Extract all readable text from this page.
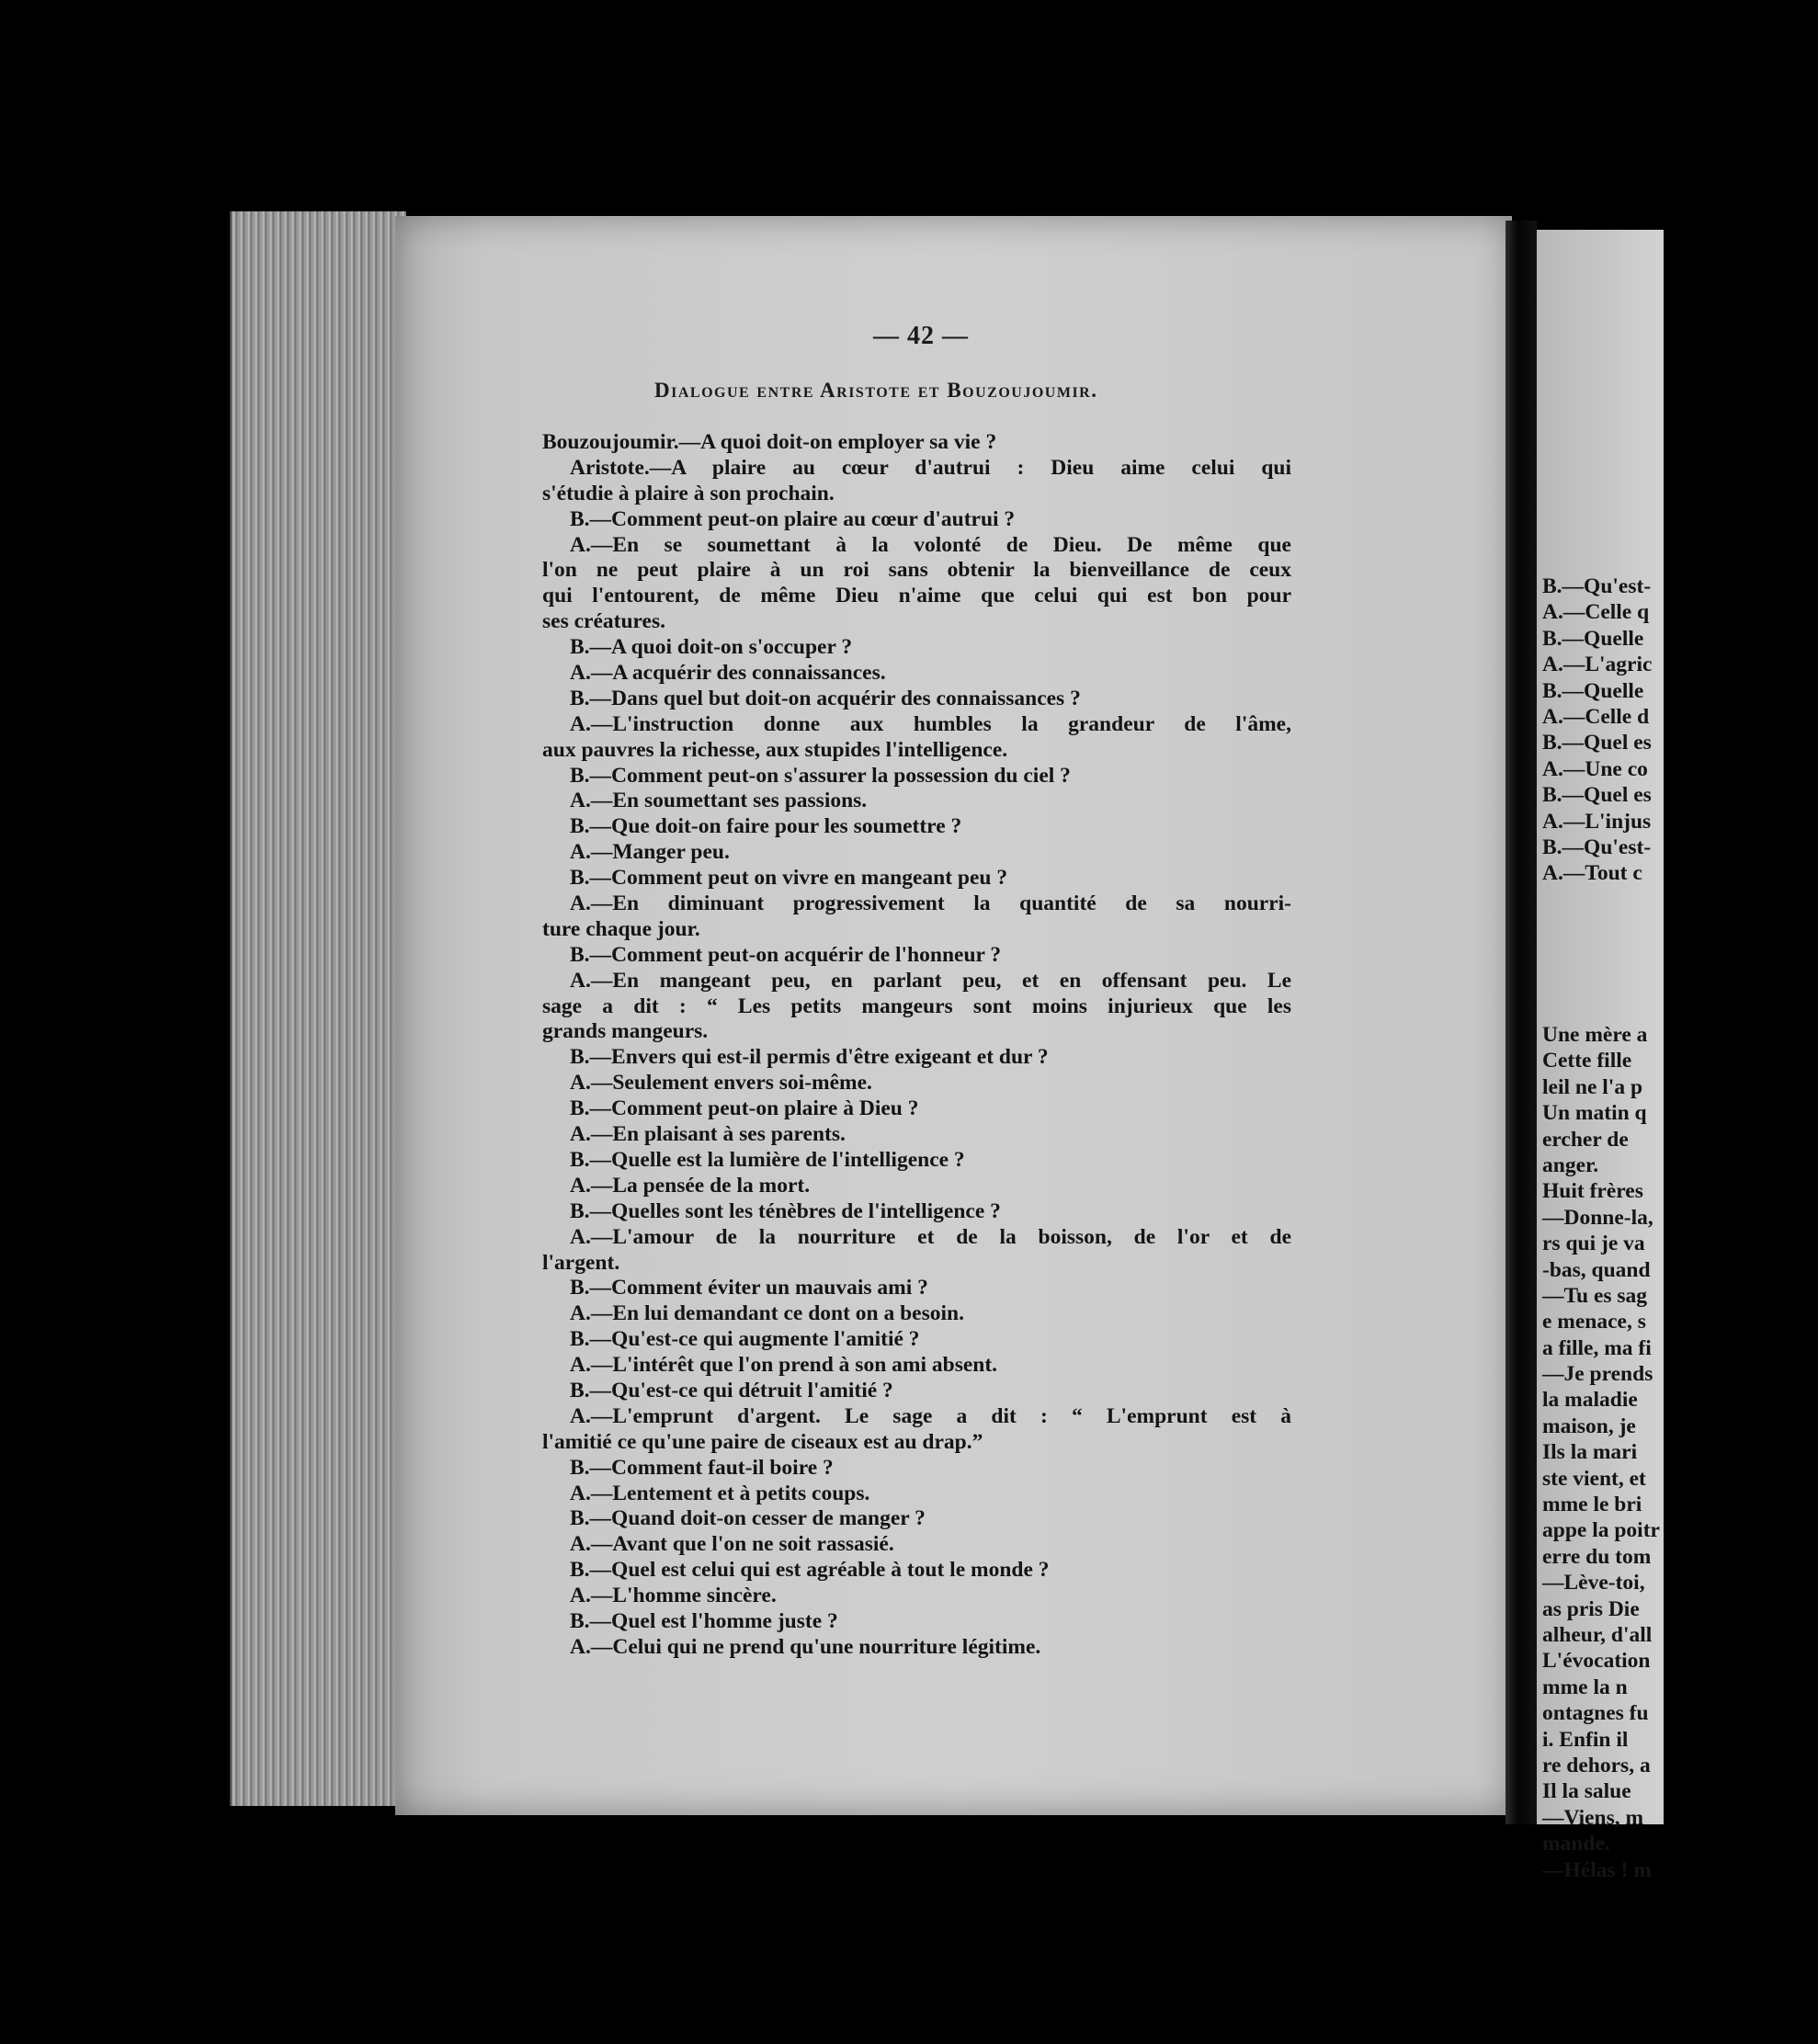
B.—Qu'est-
A.—Celle q
B.—Quelle
A.—L'agric
B.—Quelle
A.—Celle d
B.—Quel es
A.—Une co
B.—Quel es
A.—L'injus
B.—Qu'est-
A.—Tout c
Une mère a
Cette fille
leil ne l'a p
Un matin q
ercher de
anger.
Huit frères
—Donne-la,
rs qui je va
-bas, quand
—Tu es sag
e menace, s
a fille, ma fi
—Je prends
la maladie
maison, je
Ils la mari
ste vient, et
mme le bri
appe la poitr
erre du tom
—Lève-toi,
as pris Die
alheur, d'all
L'évocation
mme la n
ontagnes fu
i. Enfin il
re dehors, a
Il la salue
—Viens, m
mande.
—Hélas ! m
— 42 —
Dialogue entre Aristote et Bouzoujoumir.
Bouzoujoumir.—A quoi doit-on employer sa vie ?
Aristote.—A plaire au cœur d'autrui : Dieu aime celui qui
s'étudie à plaire à son prochain.
B.—Comment peut-on plaire au cœur d'autrui ?
A.—En se soumettant à la volonté de Dieu. De même que
l'on ne peut plaire à un roi sans obtenir la bienveillance de ceux
qui l'entourent, de même Dieu n'aime que celui qui est bon pour
ses créatures.
B.—A quoi doit-on s'occuper ?
A.—A acquérir des connaissances.
B.—Dans quel but doit-on acquérir des connaissances ?
A.—L'instruction donne aux humbles la grandeur de l'âme,
aux pauvres la richesse, aux stupides l'intelligence.
B.—Comment peut-on s'assurer la possession du ciel ?
A.—En soumettant ses passions.
B.—Que doit-on faire pour les soumettre ?
A.—Manger peu.
B.—Comment peut on vivre en mangeant peu ?
A.—En diminuant progressivement la quantité de sa nourri-
ture chaque jour.
B.—Comment peut-on acquérir de l'honneur ?
A.—En mangeant peu, en parlant peu, et en offensant peu. Le
sage a dit : “ Les petits mangeurs sont moins injurieux que les
grands mangeurs.
B.—Envers qui est-il permis d'être exigeant et dur ?
A.—Seulement envers soi-même.
B.—Comment peut-on plaire à Dieu ?
A.—En plaisant à ses parents.
B.—Quelle est la lumière de l'intelligence ?
A.—La pensée de la mort.
B.—Quelles sont les ténèbres de l'intelligence ?
A.—L'amour de la nourriture et de la boisson, de l'or et de
l'argent.
B.—Comment éviter un mauvais ami ?
A.—En lui demandant ce dont on a besoin.
B.—Qu'est-ce qui augmente l'amitié ?
A.—L'intérêt que l'on prend à son ami absent.
B.—Qu'est-ce qui détruit l'amitié ?
A.—L'emprunt d'argent. Le sage a dit : “ L'emprunt est à
l'amitié ce qu'une paire de ciseaux est au drap.”
B.—Comment faut-il boire ?
A.—Lentement et à petits coups.
B.—Quand doit-on cesser de manger ?
A.—Avant que l'on ne soit rassasié.
B.—Quel est celui qui est agréable à tout le monde ?
A.—L'homme sincère.
B.—Quel est l'homme juste ?
A.—Celui qui ne prend qu'une nourriture légitime.
